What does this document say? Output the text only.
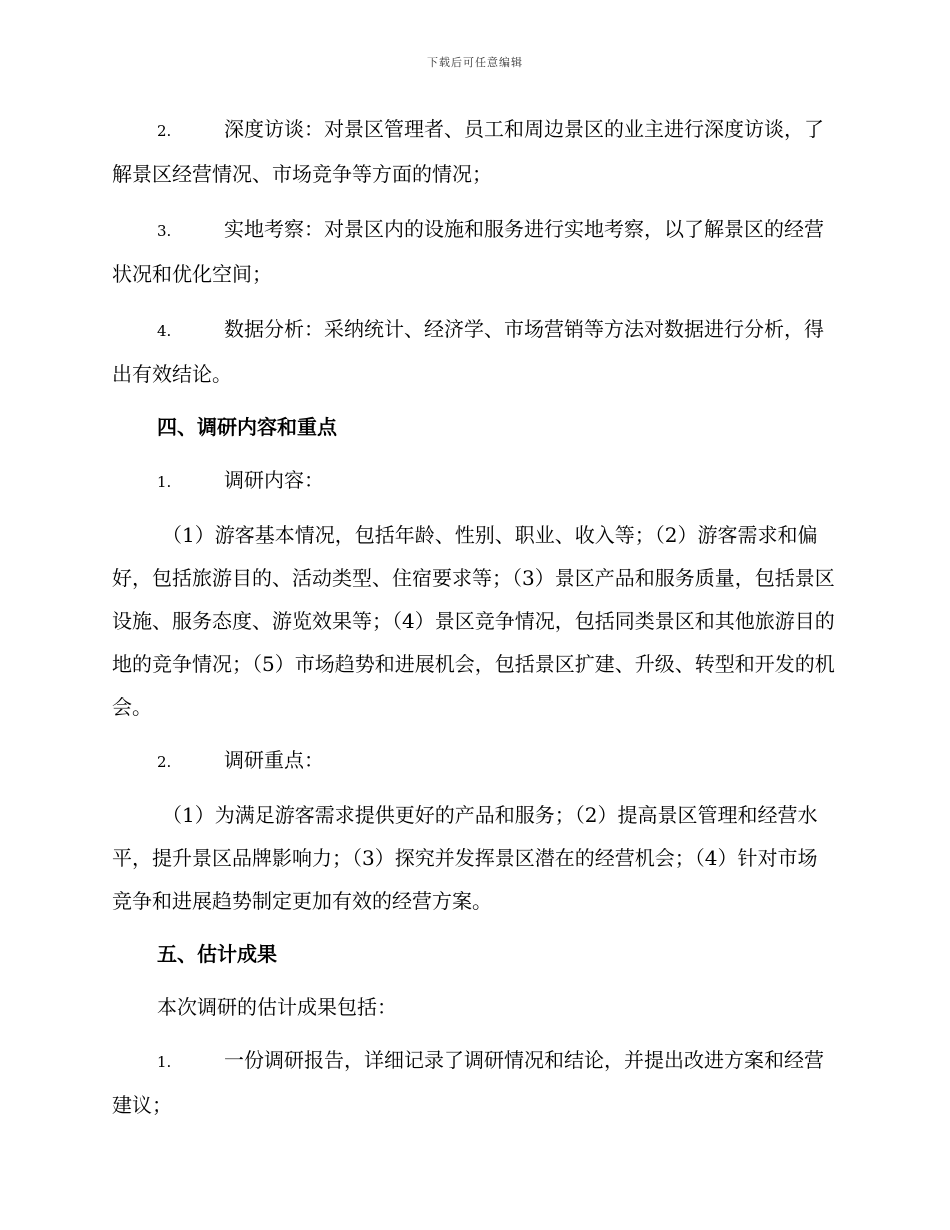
下载后可任意编辑

2.	深度访谈：对景区管理者、员工和周边景区的业主进行深度访谈，了解景区经营情况、市场竞争等方面的情况；

3.	实地考察：对景区内的设施和服务进行实地考察，以了解景区的经营状况和优化空间；

4.	数据分析：采纳统计、经济学、市场营销等方法对数据进行分析，得出有效结论。

四、调研内容和重点

1.	调研内容：

（1）游客基本情况，包括年龄、性别、职业、收入等；（2）游客需求和偏好，包括旅游目的、活动类型、住宿要求等；（3）景区产品和服务质量，包括景区设施、服务态度、游览效果等；（4）景区竞争情况，包括同类景区和其他旅游目的地的竞争情况；（5）市场趋势和进展机会，包括景区扩建、升级、转型和开发的机会。

2.	调研重点：

（1）为满足游客需求提供更好的产品和服务；（2）提高景区管理和经营水平，提升景区品牌影响力；（3）探究并发挥景区潜在的经营机会；（4）针对市场竞争和进展趋势制定更加有效的经营方案。

五、估计成果

本次调研的估计成果包括：

1.	一份调研报告，详细记录了调研情况和结论，并提出改进方案和经营建议；
